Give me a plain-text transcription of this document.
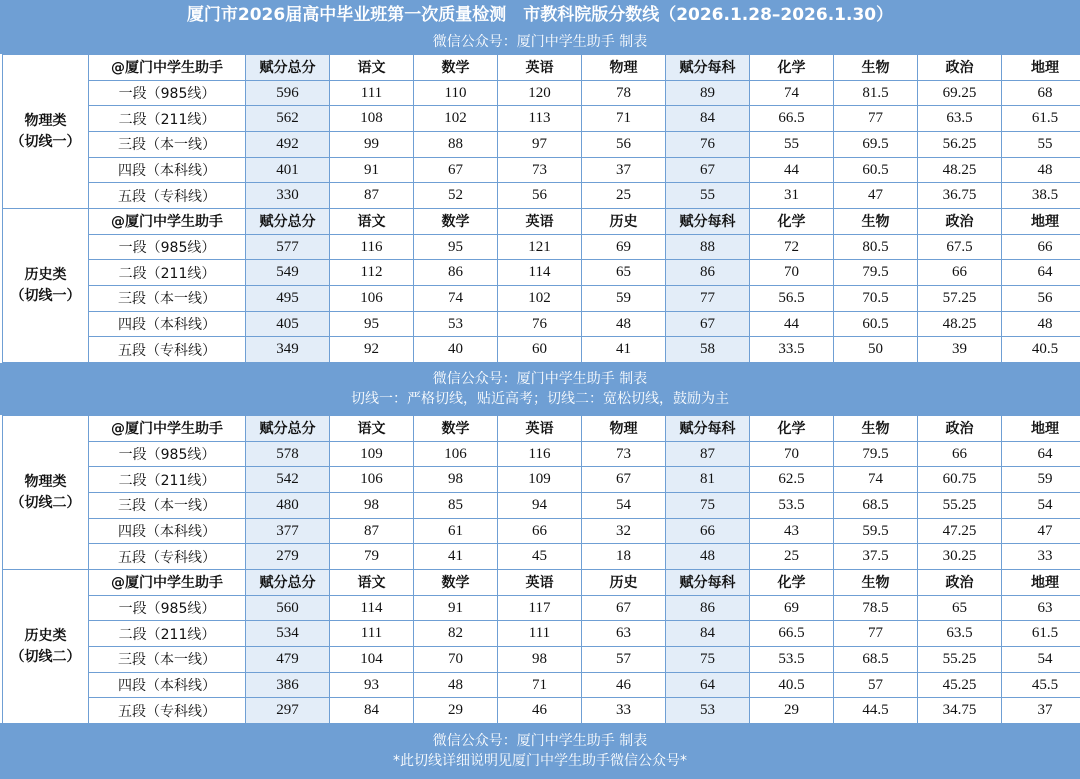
厦门市2026届高中毕业班第一次质量检测　市教科院版分数线（2026.1.28–2026.1.30）
微信公众号：厦门中学生助手 制表
物理类
（切线一）	@厦门中学生助手	赋分总分	语文	数学	英语	物理	赋分每科	化学	生物	政治	地理
	一段（985线）	596	111	110	120	78	89	74	81.5	69.25	68
	二段（211线）	562	108	102	113	71	84	66.5	77	63.5	61.5
	三段（本一线）	492	99	88	97	56	76	55	69.5	56.25	55
	四段（本科线）	401	91	67	73	37	67	44	60.5	48.25	48
	五段（专科线）	330	87	52	56	25	55	31	47	36.75	38.5
历史类
（切线一）	@厦门中学生助手	赋分总分	语文	数学	英语	历史	赋分每科	化学	生物	政治	地理
	一段（985线）	577	116	95	121	69	88	72	80.5	67.5	66
	二段（211线）	549	112	86	114	65	86	70	79.5	66	64
	三段（本一线）	495	106	74	102	59	77	56.5	70.5	57.25	56
	四段（本科线）	405	95	53	76	48	67	44	60.5	48.25	48
	五段（专科线）	349	92	40	60	41	58	33.5	50	39	40.5
微信公众号：厦门中学生助手 制表
切线一：严格切线，贴近高考；切线二：宽松切线，鼓励为主
物理类
（切线二）	@厦门中学生助手	赋分总分	语文	数学	英语	物理	赋分每科	化学	生物	政治	地理
	一段（985线）	578	109	106	116	73	87	70	79.5	66	64
	二段（211线）	542	106	98	109	67	81	62.5	74	60.75	59
	三段（本一线）	480	98	85	94	54	75	53.5	68.5	55.25	54
	四段（本科线）	377	87	61	66	32	66	43	59.5	47.25	47
	五段（专科线）	279	79	41	45	18	48	25	37.5	30.25	33
历史类
（切线二）	@厦门中学生助手	赋分总分	语文	数学	英语	历史	赋分每科	化学	生物	政治	地理
	一段（985线）	560	114	91	117	67	86	69	78.5	65	63
	二段（211线）	534	111	82	111	63	84	66.5	77	63.5	61.5
	三段（本一线）	479	104	70	98	57	75	53.5	68.5	55.25	54
	四段（本科线）	386	93	48	71	46	64	40.5	57	45.25	45.5
	五段（专科线）	297	84	29	46	33	53	29	44.5	34.75	37
微信公众号：厦门中学生助手 制表
*此切线详细说明见厦门中学生助手微信公众号*
